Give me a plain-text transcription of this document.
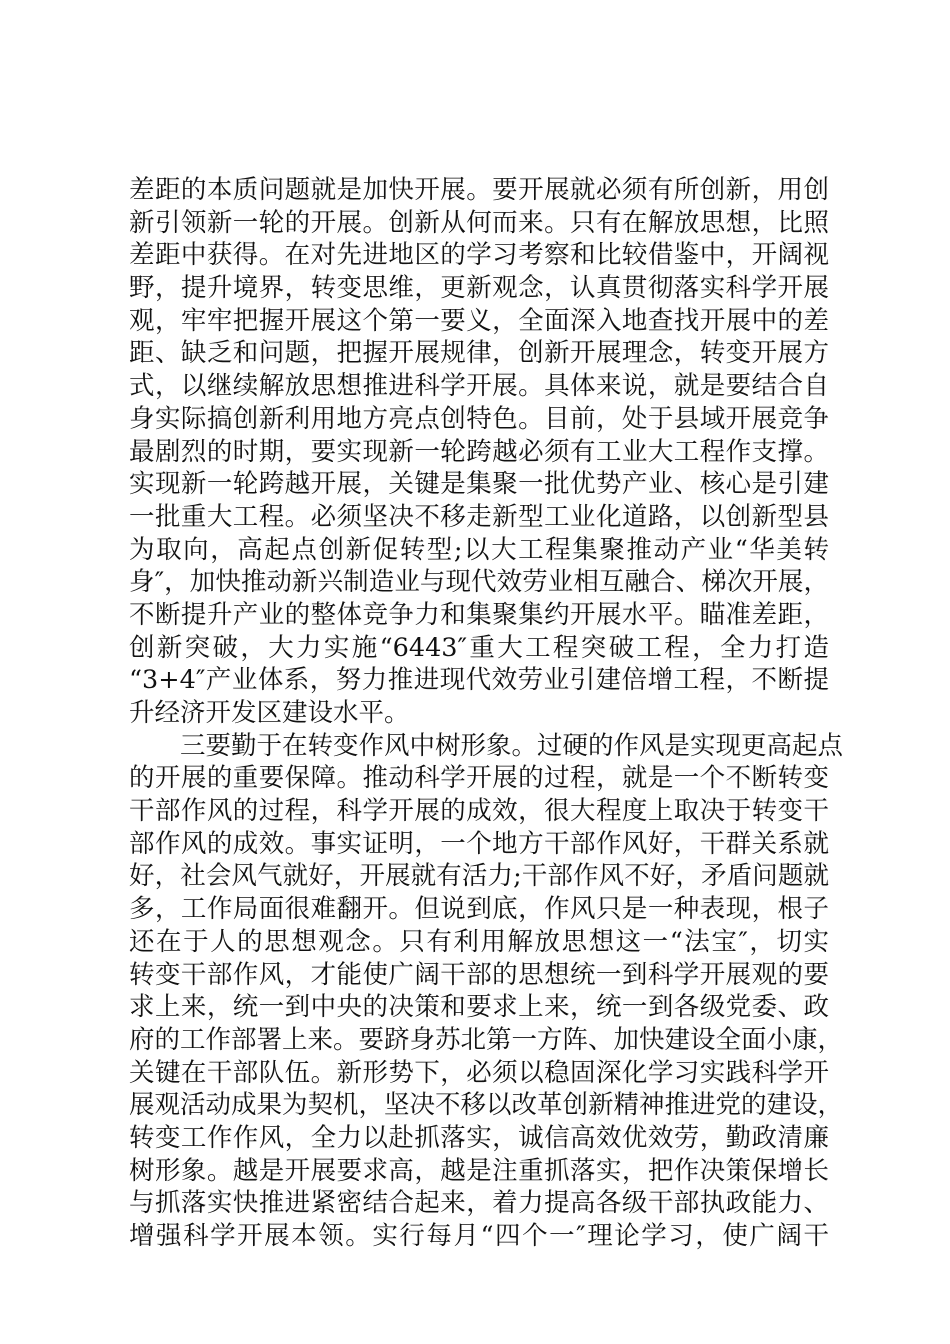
差距的本质问题就是加快开展。要开展就必须有所创新，用创
新引领新一轮的开展。创新从何而来。只有在解放思想，比照
差距中获得。在对先进地区的学习考察和比较借鉴中，开阔视
野，提升境界，转变思维，更新观念，认真贯彻落实科学开展
观，牢牢把握开展这个第一要义，全面深入地查找开展中的差
距、缺乏和问题，把握开展规律，创新开展理念，转变开展方
式，以继续解放思想推进科学开展。具体来说，就是要结合自
身实际搞创新利用地方亮点创特色。目前，处于县域开展竞争
最剧烈的时期，要实现新一轮跨越必须有工业大工程作支撑。
实现新一轮跨越开展，关键是集聚一批优势产业、核心是引建
一批重大工程。必须坚决不移走新型工业化道路，以创新型县
为取向，高起点创新促转型;以大工程集聚推动产业“华美转
身″，加快推动新兴制造业与现代效劳业相互融合、梯次开展，
不断提升产业的整体竞争力和集聚集约开展水平。瞄准差距，
创新突破，大力实施“6443″重大工程突破工程，全力打造
“3+4″产业体系，努力推进现代效劳业引建倍增工程，不断提
升经济开发区建设水平。
　　三要勤于在转变作风中树形象。过硬的作风是实现更高起点
的开展的重要保障。推动科学开展的过程，就是一个不断转变
干部作风的过程，科学开展的成效，很大程度上取决于转变干
部作风的成效。事实证明，一个地方干部作风好，干群关系就
好，社会风气就好，开展就有活力;干部作风不好，矛盾问题就
多，工作局面很难翻开。但说到底，作风只是一种表现，根子
还在于人的思想观念。只有利用解放思想这一“法宝″，切实
转变干部作风，才能使广阔干部的思想统一到科学开展观的要
求上来，统一到中央的决策和要求上来，统一到各级党委、政
府的工作部署上来。要跻身苏北第一方阵、加快建设全面小康，
关键在干部队伍。新形势下，必须以稳固深化学习实践科学开
展观活动成果为契机，坚决不移以改革创新精神推进党的建设，
转变工作作风，全力以赴抓落实，诚信高效优效劳，勤政清廉
树形象。越是开展要求高，越是注重抓落实，把作决策保增长
与抓落实快推进紧密结合起来，着力提高各级干部执政能力、
增强科学开展本领。实行每月“四个一″理论学习，使广阔干
